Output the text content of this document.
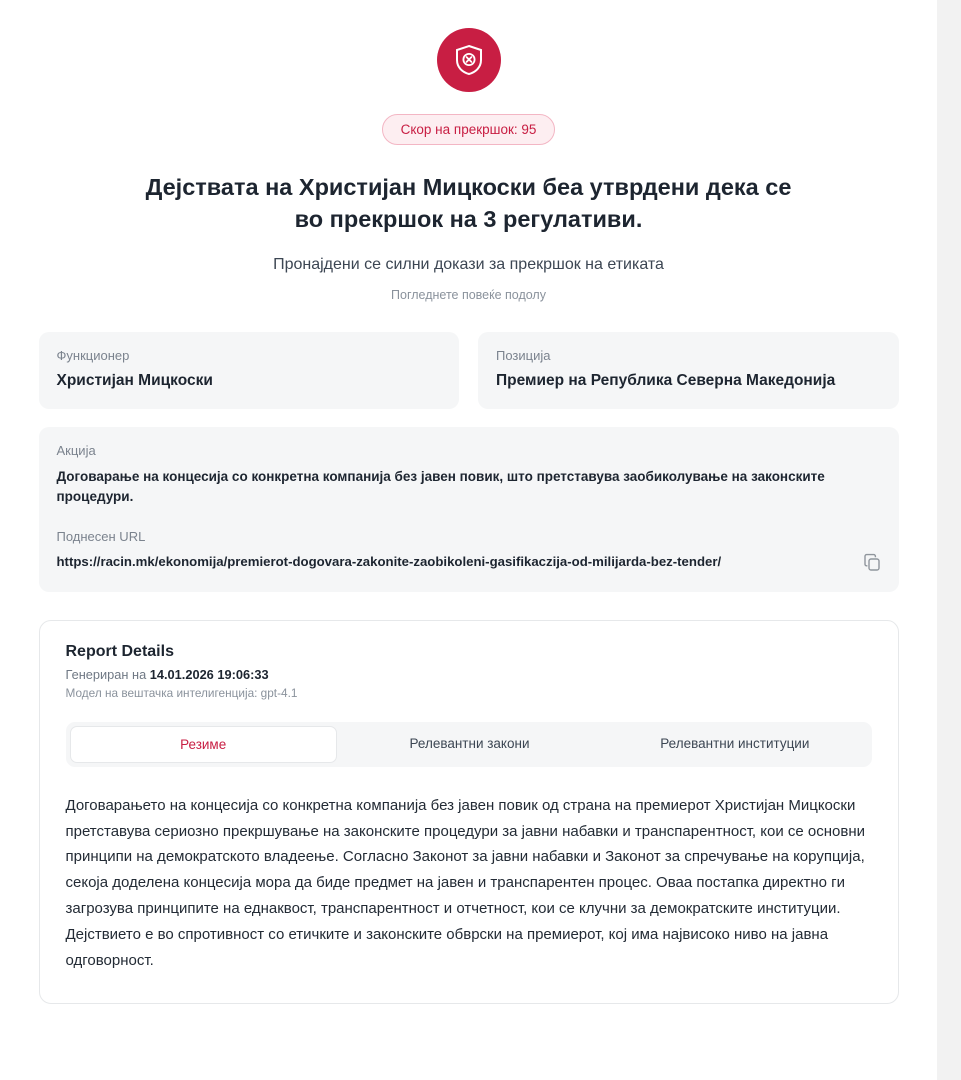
Скор на прекршок: 95
Дејствата на Христијан Мицкоски беа утврдени дека се во прекршок на 3 регулативи.
Пронајдени се силни докази за прекршок на етиката
Погледнете повеќе подолу
Функционер
Христијан Мицкоски
Позиција
Премиер на Република Северна Македонија
Акција
Договарање на концесија со конкретна компанија без јавен повик, што претставува заобиколување на законските процедури.
Поднесен URL
https://racin.mk/ekonomija/premierot-dogovara-zakonite-zaobikoleni-gasifikaczija-od-milijarda-bez-tender/
Report Details
Генериран на 14.01.2026 19:06:33
Модел на вештачка интелигенција: gpt-4.1
Резиме	Релевантни закони	Релевантни институции
Договарањето на концесија со конкретна компанија без јавен повик од страна на премиерот Христијан Мицкоски претставува сериозно прекршување на законските процедури за јавни набавки и транспарентност, кои се основни принципи на демократското владеење. Согласно Законот за јавни набавки и Законот за спречување на корупција, секоја доделена концесија мора да биде предмет на јавен и транспарентен процес. Оваа постапка директно ги загрозува принципите на еднаквост, транспарентност и отчетност, кои се клучни за демократските институции. Дејствието е во спротивност со етичките и законските обврски на премиерот, кој има највисоко ниво на јавна одговорност.
